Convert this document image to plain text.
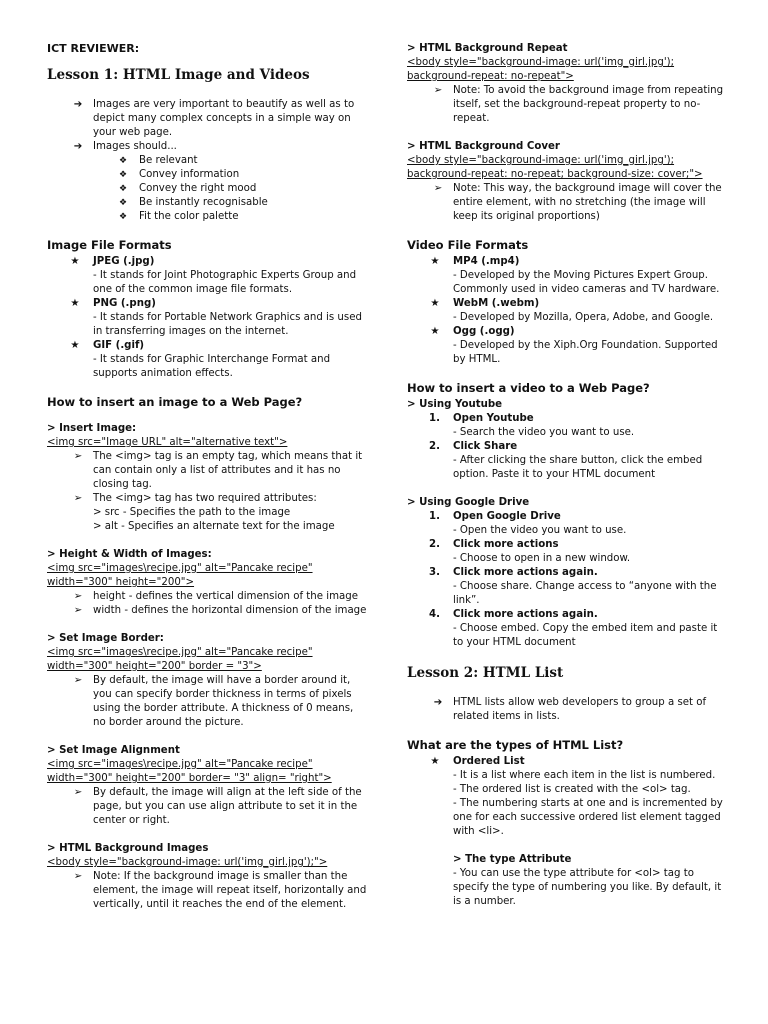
ICT REVIEWER:
Lesson 1: HTML Image and Videos
➔	Images are very important to beautify as well as to depict many complex concepts in a simple way on your web page.
➔	Images should...
❖	Be relevant
❖	Convey information
❖	Convey the right mood
❖	Be instantly recognisable
❖	Fit the color palette
Image File Formats
★	JPEG (.jpg)
- It stands for Joint Photographic Experts Group and one of the common image file formats.
★	PNG (.png)
- It stands for Portable Network Graphics and is used in transferring images on the internet.
★	GIF (.gif)
- It stands for Graphic Interchange Format and supports animation effects.
How to insert an image to a Web Page?
> Insert Image:
<img src="Image URL" alt="alternative text">
➢	The <img> tag is an empty tag, which means that it can contain only a list of attributes and it has no closing tag.
➢	The <img> tag has two required attributes:
> src - Specifies the path to the image
> alt - Specifies an alternate text for the image
> Height & Width of Images:
<img src="images\recipe.jpg" alt="Pancake recipe" width="300" height="200">
➢	height - defines the vertical dimension of the image
➢	width - defines the horizontal dimension of the image
> Set Image Border:
<img src="images\recipe.jpg" alt="Pancake recipe" width="300" height="200" border = "3">
➢	By default, the image will have a border around it, you can specify border thickness in terms of pixels using the border attribute. A thickness of 0 means, no border around the picture.
> Set Image Alignment
<img src="images\recipe.jpg" alt="Pancake recipe" width="300" height="200" border= "3" align= "right">
➢	By default, the image will align at the left side of the page, but you can use align attribute to set it in the center or right.
> HTML Background Images
<body style="background-image: url('img_girl.jpg');">
➢	Note: If the background image is smaller than the element, the image will repeat itself, horizontally and vertically, until it reaches the end of the element.
> HTML Background Repeat
<body style="background-image: url('img_girl.jpg'); background-repeat: no-repeat">
➢	Note: To avoid the background image from repeating itself, set the background-repeat property to no-repeat.
> HTML Background Cover
<body style="background-image: url('img_girl.jpg'); background-repeat: no-repeat; background-size: cover;">
➢	Note: This way, the background image will cover the entire element, with no stretching (the image will keep its original proportions)
Video File Formats
★	MP4 (.mp4)
- Developed by the Moving Pictures Expert Group. Commonly used in video cameras and TV hardware.
★	WebM (.webm)
- Developed by Mozilla, Opera, Adobe, and Google.
★	Ogg (.ogg)
- Developed by the Xiph.Org Foundation. Supported by HTML.
How to insert a video to a Web Page?
> Using Youtube
1. Open Youtube
- Search the video you want to use.
2. Click Share
- After clicking the share button, click the embed option. Paste it to your HTML document
> Using Google Drive
1. Open Google Drive
- Open the video you want to use.
2. Click more actions
- Choose to open in a new window.
3. Click more actions again.
- Choose share. Change access to “anyone with the link”.
4. Click more actions again.
- Choose embed. Copy the embed item and paste it to your HTML document
Lesson 2: HTML List
➔	HTML lists allow web developers to group a set of related items in lists.
What are the types of HTML List?
★	Ordered List
- It is a list where each item in the list is numbered.
- The ordered list is created with the <ol> tag.
- The numbering starts at one and is incremented by one for each successive ordered list element tagged with <li>.
> The type Attribute
- You can use the type attribute for <ol> tag to specify the type of numbering you like. By default, it is a number.
